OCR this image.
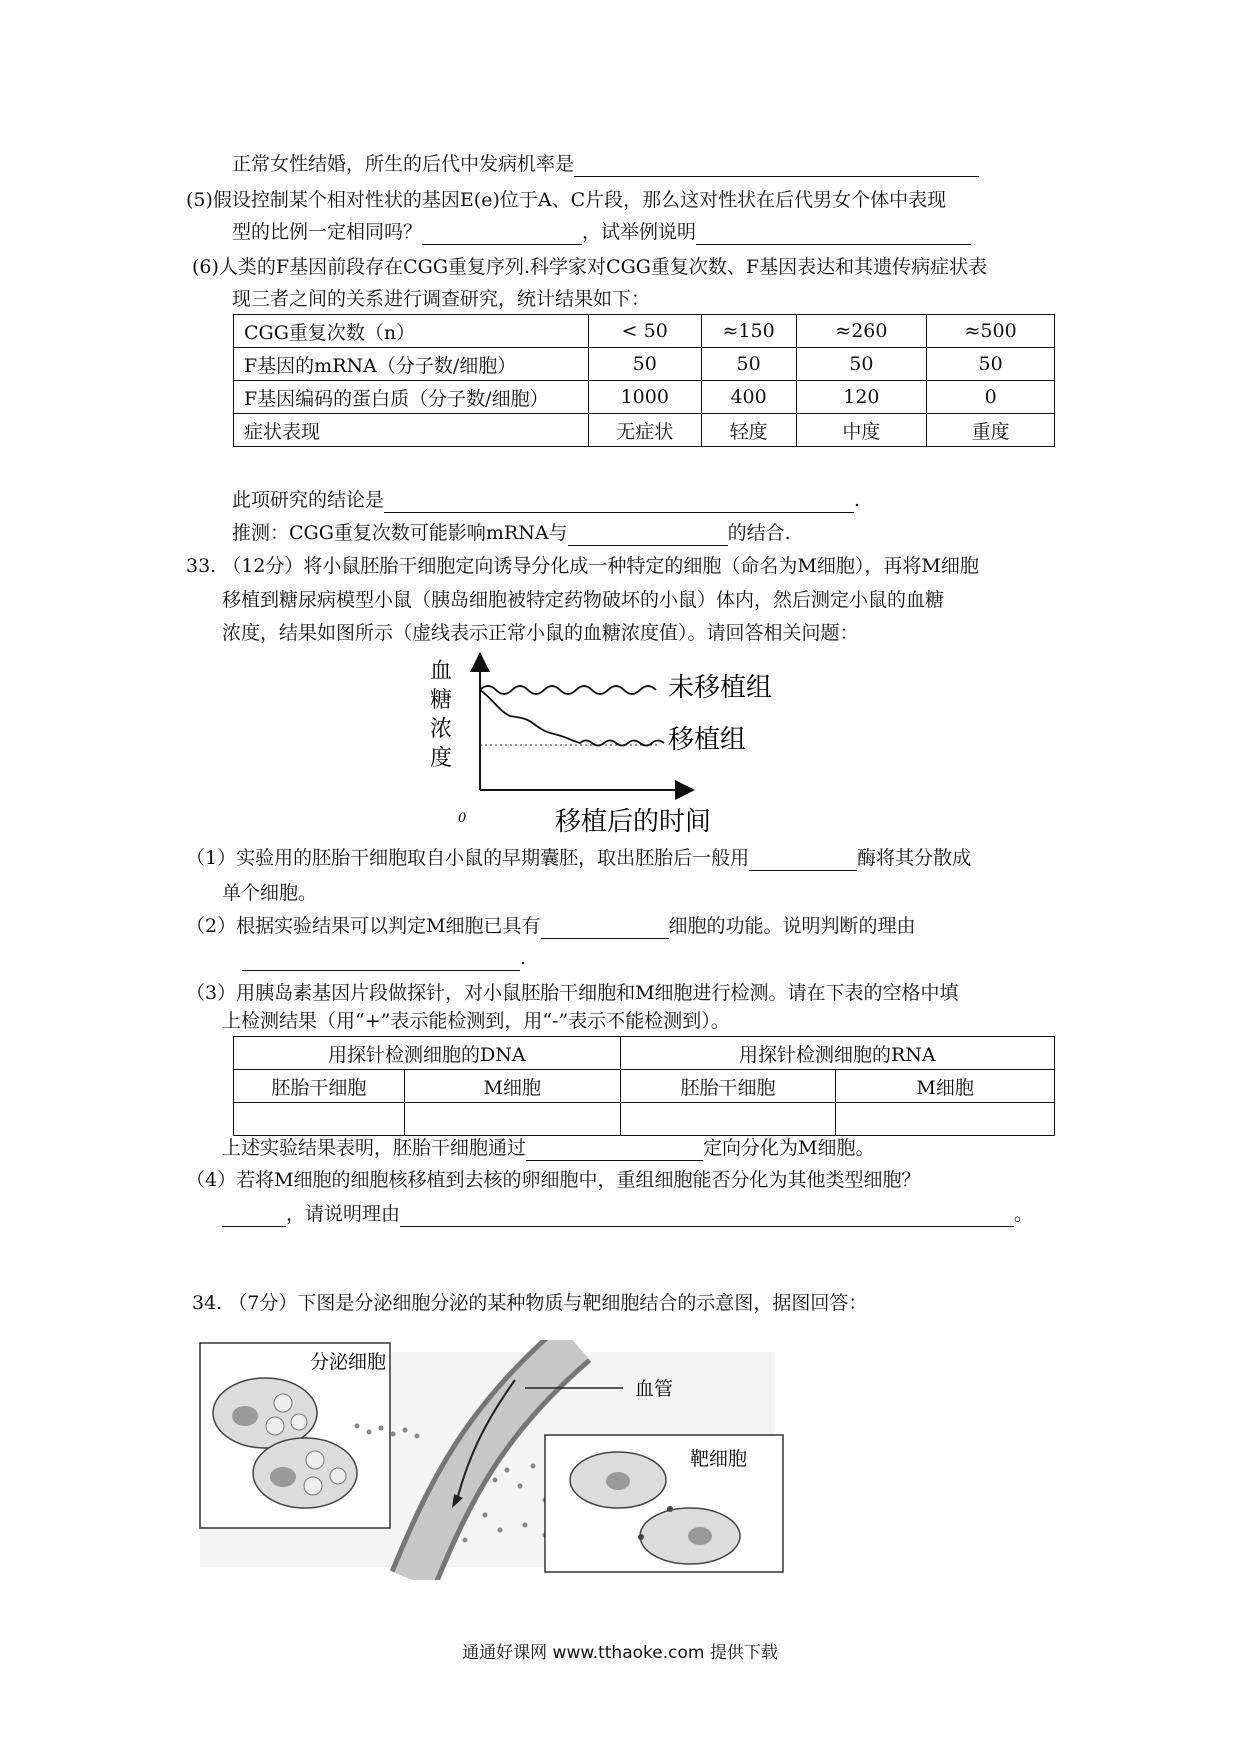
正常女性结婚，所生的后代中发病机率是
(5)假设控制某个相对性状的基因E(e)位于A、C片段，那么这对性状在后代男女个体中表现
型的比例一定相同吗？	，试举例说明
(6)人类的F基因前段存在CGG重复序列.科学家对CGG重复次数、F基因表达和其遗传病症状表
现三者之间的关系进行调查研究，统计结果如下：
CGG重复次数（n）	< 50	≈150	≈260	≈500
F基因的mRNA（分子数/细胞）	50	50	50	50
F基因编码的蛋白质（分子数/细胞）	1000	400	120	0
症状表现	无症状	轻度	中度	重度
此项研究的结论是	.
推测：CGG重复次数可能影响mRNA与	的结合.
33. （12分）将小鼠胚胎干细胞定向诱导分化成一种特定的细胞（命名为M细胞），再将M细胞
移植到糖尿病模型小鼠（胰岛细胞被特定药物破坏的小鼠）体内，然后测定小鼠的血糖
浓度，结果如图所示（虚线表示正常小鼠的血糖浓度值）。请回答相关问题：
0
血
糖
浓
度
未移植组
移植组
移植后的时间
（1）实验用的胚胎干细胞取自小鼠的早期囊胚，取出胚胎后一般用	酶将其分散成
单个细胞。
（2）根据实验结果可以判定M细胞已具有	细胞的功能。说明判断的理由
.
（3）用胰岛素基因片段做探针，对小鼠胚胎干细胞和M细胞进行检测。请在下表的空格中填
上检测结果（用“+”表示能检测到，用“-”表示不能检测到）。
用探针检测细胞的DNA		用探针检测细胞的RNA	
胚胎干细胞	M细胞	胚胎干细胞	M细胞

上述实验结果表明，胚胎干细胞通过	定向分化为M细胞。
（4）若将M细胞的细胞核移植到去核的卵细胞中，重组细胞能否分化为其他类型细胞？
，请说明理由	。
34. （7分）下图是分泌细胞分泌的某种物质与靶细胞结合的示意图，据图回答：
分泌细胞
血管
靶细胞
通通好课网 www.tthaoke.com 提供下载
